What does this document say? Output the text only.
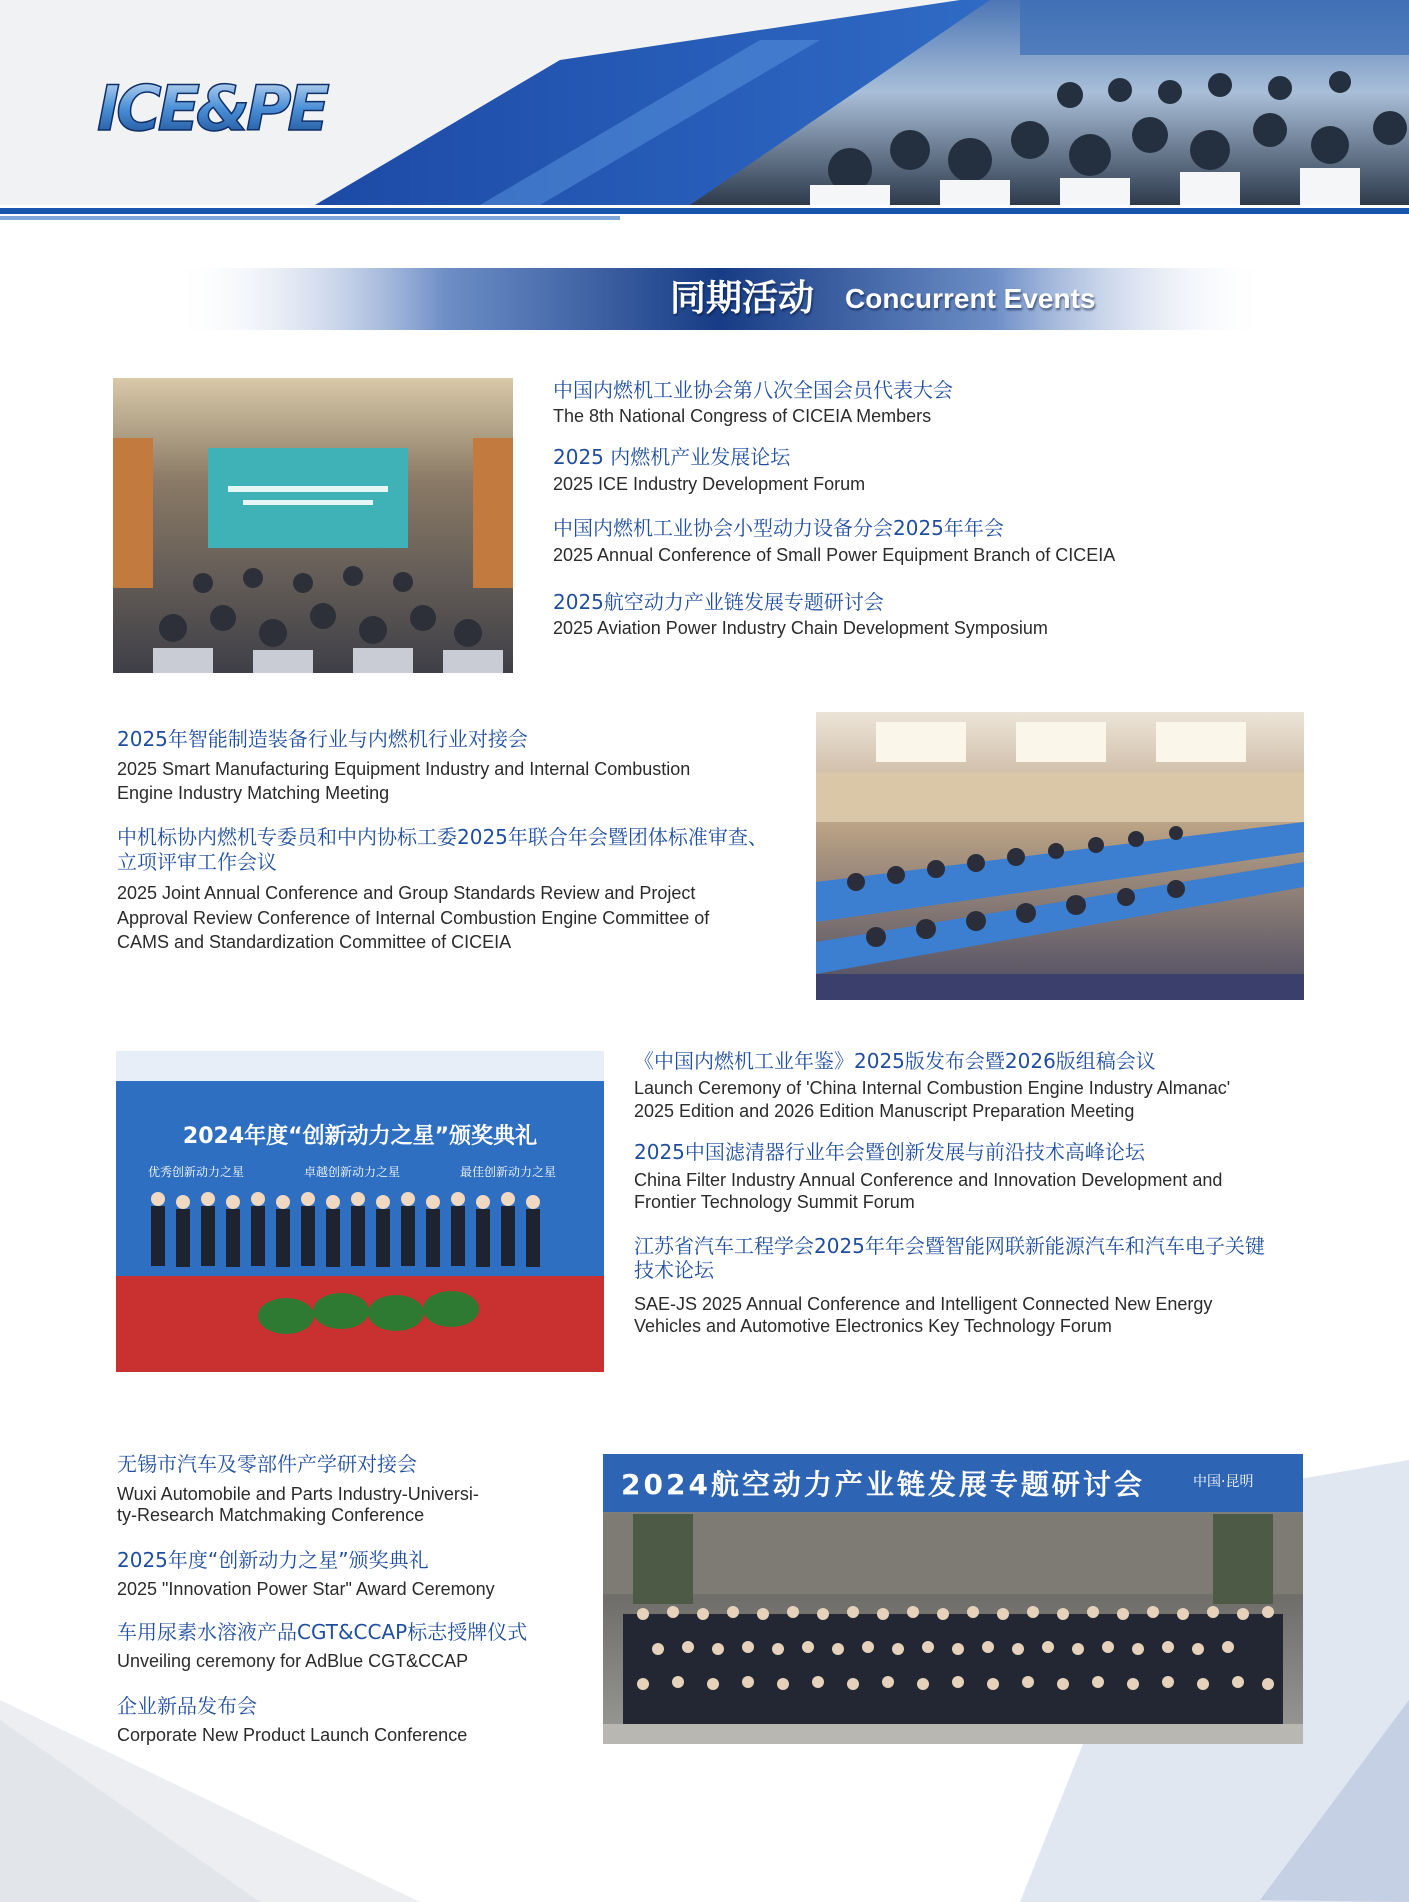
ICE&PE
同期活动 Concurrent Events
中国内燃机工业协会第八次全国会员代表大会
The 8th National Congress of CICEIA Members
2025 内燃机产业发展论坛
2025 ICE Industry Development Forum
中国内燃机工业协会小型动力设备分会2025年年会
2025 Annual Conference of Small Power Equipment Branch of CICEIA
2025航空动力产业链发展专题研讨会
2025 Aviation Power Industry Chain Development Symposium
2025年智能制造装备行业与内燃机行业对接会
2025 Smart Manufacturing Equipment Industry and Internal Combustion
Engine Industry Matching Meeting
中机标协内燃机专委员和中内协标工委2025年联合年会暨团体标准审查、
立项评审工作会议
2025 Joint Annual Conference and Group Standards Review and Project
Approval Review Conference of Internal Combustion Engine Committee of
CAMS and Standardization Committee of CICEIA
2024年度“创新动力之星”颁奖典礼
优秀创新动力之星	卓越创新动力之星	最佳创新动力之星
《中国内燃机工业年鉴》2025版发布会暨2026版组稿会议
Launch Ceremony of 'China Internal Combustion Engine Industry Almanac'
2025 Edition and 2026 Edition Manuscript Preparation Meeting
2025中国滤清器行业年会暨创新发展与前沿技术高峰论坛
China Filter Industry Annual Conference and Innovation Development and
Frontier Technology Summit Forum
江苏省汽车工程学会2025年年会暨智能网联新能源汽车和汽车电子关键
技术论坛
SAE-JS 2025 Annual Conference and Intelligent Connected New Energy
Vehicles and Automotive Electronics Key Technology Forum
无锡市汽车及零部件产学研对接会
Wuxi Automobile and Parts Industry-Universi-
ty-Research Matchmaking Conference
2025年度“创新动力之星”颁奖典礼
2025 "Innovation Power Star" Award Ceremony
车用尿素水溶液产品CGT&CCAP标志授牌仪式
Unveiling ceremony for AdBlue CGT&CCAP
企业新品发布会
Corporate New Product Launch Conference
2024航空动力产业链发展专题研讨会	中国·昆明
